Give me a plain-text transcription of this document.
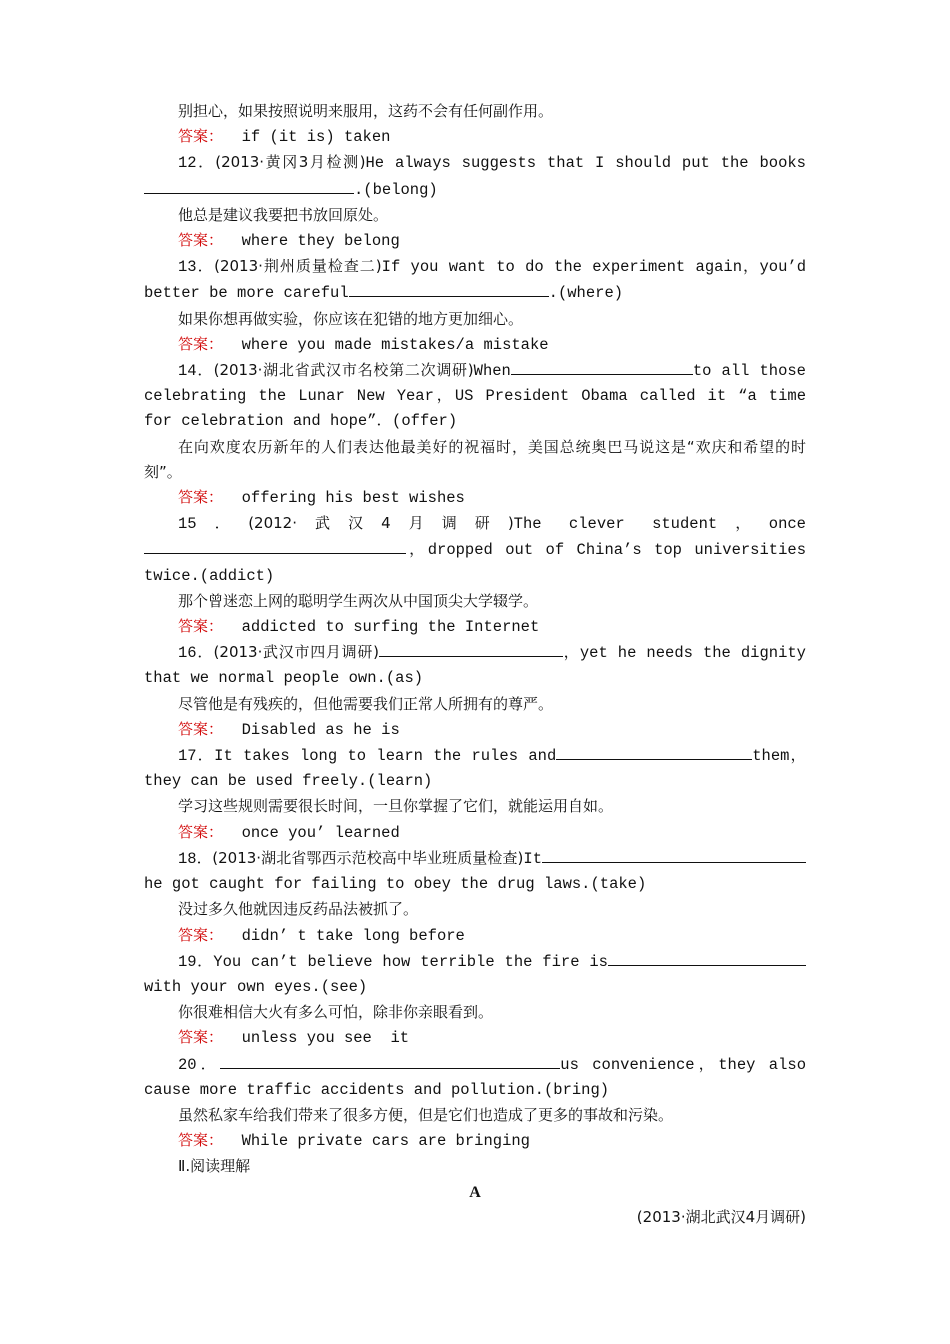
别担心，如果按照说明来服用，这药不会有任何副作用。

答案： if (it is) taken

12．(2013·黄冈3月检测)He always suggests that I should put the books.(belong)

他总是建议我要把书放回原处。

答案： where they belong

13．(2013·荆州质量检查二)If you want to do the experiment again，you’d better be more careful	.(where)

如果你想再做实验，你应该在犯错的地方更加细心。

答案： where you made mistakes/a mistake

14．(2013·湖北省武汉市名校第二次调研)When	to all those celebrating the Lunar New Year，US President Obama called it “a time for celebration and hope”．(offer)

在向欢度农历新年的人们表达他最美好的祝福时，美国总统奥巴马说这是“欢庆和希望的时刻”。

答案： offering his best wishes

15．(2012·武汉4月调研)The clever student，once，dropped out of China’s top universities twice.(addict)

那个曾迷恋上网的聪明学生两次从中国顶尖大学辍学。

答案： addicted to surfing the Internet

16．(2013·武汉市四月调研)	，yet he needs the dignity that we normal people own.(as)

尽管他是有残疾的，但他需要我们正常人所拥有的尊严。

答案： Disabled as he is

17．It takes long to learn the rules and	them，they can be used freely.(learn)

学习这些规则需要很长时间，一旦你掌握了它们，就能运用自如。

答案： once you’ learned

18．(2013·湖北省鄂西示范校高中毕业班质量检查)Ithe got caught for failing to obey the drug laws.(take)

没过多久他就因违反药品法被抓了。

答案： didn’ t take long before

19．You can’t believe how terrible the fire iswith your own eyes.(see)

你很难相信大火有多么可怕，除非你亲眼看到。

答案： unless you see  it

20．	us convenience，they also cause more traffic accidents and pollution.(bring)

虽然私家车给我们带来了很多方便，但是它们也造成了更多的事故和污染。

答案： While private cars are bringing

Ⅱ.阅读理解

A

(2013·湖北武汉4月调研)
